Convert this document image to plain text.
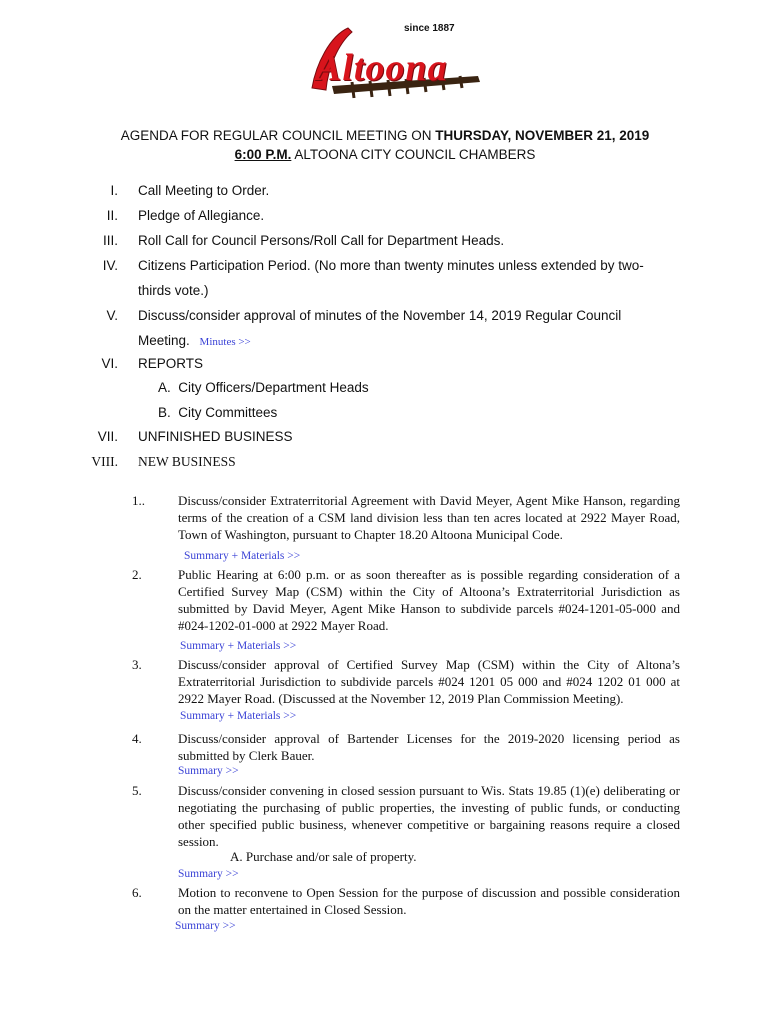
since 1887
Altoona
AGENDA FOR REGULAR COUNCIL MEETING ON THURSDAY, NOVEMBER 21, 2019
6:00 P.M. ALTOONA CITY COUNCIL CHAMBERS
I. Call Meeting to Order.
II. Pledge of Allegiance.
III. Roll Call for Council Persons/Roll Call for Department Heads.
IV. Citizens Participation Period. (No more than twenty minutes unless extended by two-
thirds vote.)
V. Discuss/consider approval of minutes of the November 14, 2019 Regular Council
Meeting. Minutes >>
VI. REPORTS
A. City Officers/Department Heads
B. City Committees
VII. UNFINISHED BUSINESS
VIII. NEW BUSINESS
1..	Discuss/consider Extraterritorial Agreement with David Meyer, Agent Mike Hanson, regarding terms of the creation of a CSM land division less than ten acres located at 2922 Mayer Road, Town of Washington, pursuant to Chapter 18.20 Altoona Municipal Code.
Summary + Materials >>
2.	Public Hearing at 6:00 p.m. or as soon thereafter as is possible regarding consideration of a Certified Survey Map (CSM) within the City of Altoona’s Extraterritorial Jurisdiction as submitted by David Meyer, Agent Mike Hanson to subdivide parcels #024-1201-05-000 and #024-1202-01-000 at 2922 Mayer Road.
Summary + Materials >>
3.	Discuss/consider approval of Certified Survey Map (CSM) within the City of Altona’s Extraterritorial Jurisdiction to subdivide parcels #024 1201 05 000 and #024 1202 01 000 at 2922 Mayer Road. (Discussed at the November 12, 2019 Plan Commission Meeting).
Summary + Materials >>
4.	Discuss/consider approval of Bartender Licenses for the 2019-2020 licensing period as submitted by Clerk Bauer.
Summary >>
5.	Discuss/consider convening in closed session pursuant to Wis. Stats 19.85 (1)(e) deliberating or negotiating the purchasing of public properties, the investing of public funds, or conducting other specified public business, whenever competitive or bargaining reasons require a closed session.
A. Purchase and/or sale of property.
Summary >>
6.	Motion to reconvene to Open Session for the purpose of discussion and possible consideration on the matter entertained in Closed Session.
Summary >>
